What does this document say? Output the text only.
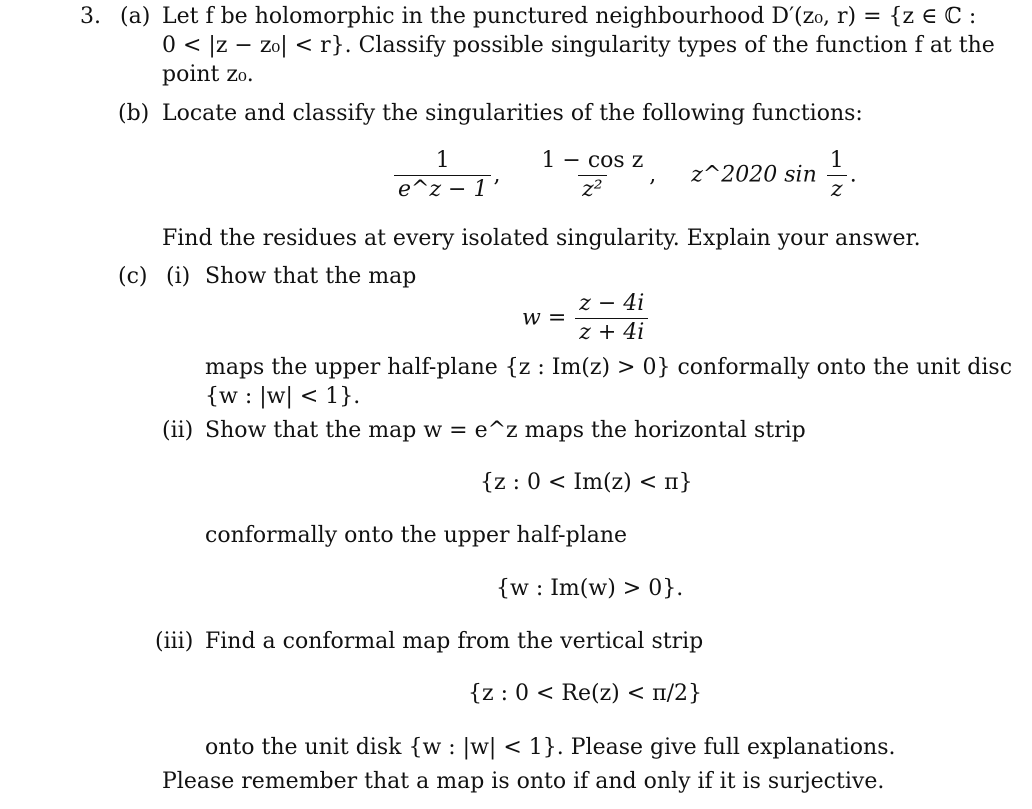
3. (a) Let f be holomorphic in the punctured neighbourhood D′(z₀, r) = {z ∈ ℂ :
0 < |z − z₀| < r}. Classify possible singularity types of the function f at the
point z₀.
(b) Locate and classify the singularities of the following functions:
$\frac{1}{e\^{}z - 1}$ , $\frac{\text{1 − cos z}}{\text{z²}}$ ,     z^2020 $\sin \frac{1}{z}$ .
Find the residues at every isolated singularity. Explain your answer.
(c) (i) Show that the map
$w = \frac{z - 4i}{z + 4i}$
maps the upper half-plane {z : Im(z) > 0} conformally onto the unit disc
{w : |w| < 1}.
(ii) Show that the map w = e^z maps the horizontal strip
{z : 0 < Im(z) < π}
conformally onto the upper half-plane
{w : Im(w) > 0}.
(iii) Find a conformal map from the vertical strip
{z : 0 < Re(z) < π/2}
onto the unit disk {w : |w| < 1}. Please give full explanations.
Please remember that a map is onto if and only if it is surjective.
